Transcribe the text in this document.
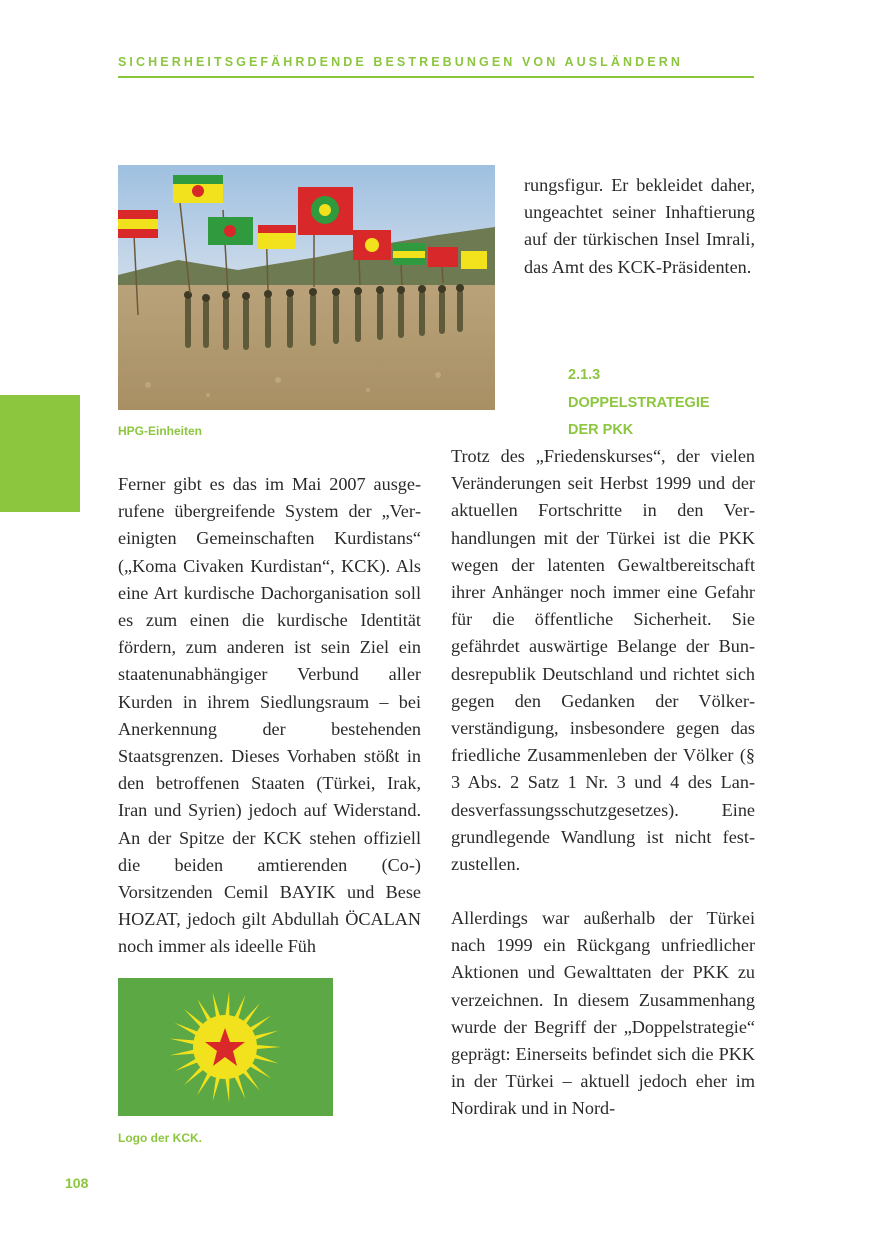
SICHERHEITSGEFÄHRDENDE BESTREBUNGEN VON AUSLÄNDERN
HPG-Einheiten
rungsfigur. Er bekleidet daher, ungeachtet seiner Inhaftierung auf der türkischen Insel Imrali, das Amt des KCK-Präsidenten.
2.1.3
DOPPELSTRATEGIE
DER PKK
Ferner gibt es das im Mai 2007 ausgerufene übergreifende System der „Vereinigten Gemeinschaften Kurdistans“ („Koma Civaken Kurdistan“, KCK). Als eine Art kurdische Dachorganisation soll es zum einen die kurdische Identität fördern, zum anderen ist sein Ziel ein staatenunabhängiger Verbund aller Kurden in ihrem Siedlungsraum – bei Anerkennung der bestehenden Staatsgrenzen. Dieses Vorhaben stößt in den betroffenen Staaten (Türkei, Irak, Iran und Syrien) jedoch auf Widerstand. An der Spitze der KCK stehen offiziell die beiden amtierenden (Co-) Vorsitzenden Cemil BAYIK und Bese HOZAT, jedoch gilt Abdullah ÖCALAN noch immer als ideelle Füh
Trotz des „Friedenskurses“, der vielen Veränderungen seit Herbst 1999 und der aktuellen Fortschritte in den Verhandlungen mit der Türkei ist die PKK wegen der latenten Gewaltbereitschaft ihrer Anhänger noch immer eine Gefahr für die öffentliche Sicherheit. Sie gefährdet auswärtige Belange der Bundesrepublik Deutschland und richtet sich gegen den Gedanken der Völkerverständigung, insbesondere gegen das friedliche Zusammenleben der Völker (§ 3 Abs. 2 Satz 1 Nr. 3 und 4 des Landesverfassungsschutzgesetzes). Eine grundlegende Wandlung ist nicht festzustellen.
Allerdings war außerhalb der Türkei nach 1999 ein Rückgang unfriedlicher Aktionen und Gewalttaten der PKK zu verzeichnen. In diesem Zusammenhang wurde der Begriff der „Doppelstrategie“ geprägt: Einerseits befindet sich die PKK in der Türkei – aktuell jedoch eher im Nordirak und in Nord-
Logo der KCK.
108
